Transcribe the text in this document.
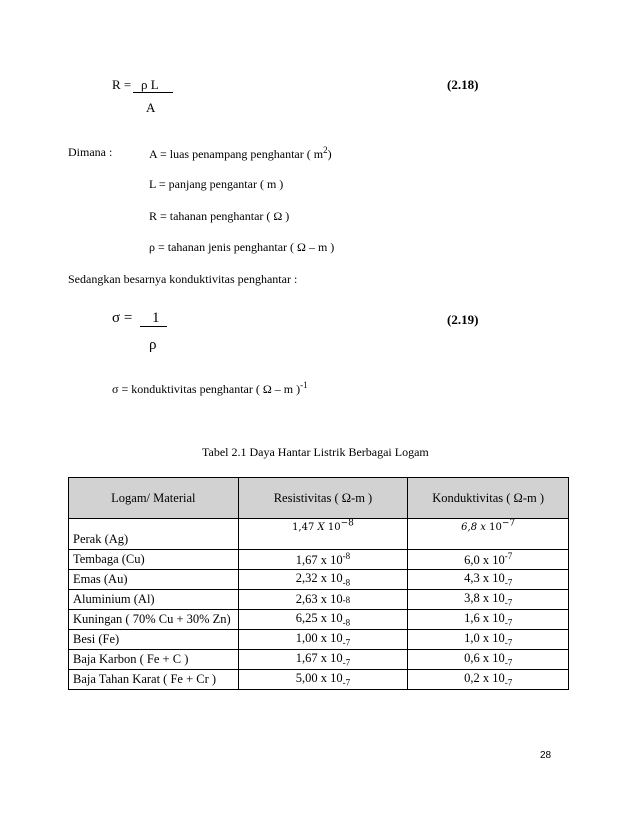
R = ρ L
A
(2.18)
Dimana :	A = luas penampang penghantar ( $m^2$)
L = panjang pengantar ( m )
R = tahanan penghantar ( Ω )
ρ = tahanan jenis penghantar ( Ω – m )
Sedangkan besarnya konduktivitas penghantar :
σ = 1
ρ
(2.19)
σ = konduktivitas penghantar ( Ω – m )$^{-1}$
Tabel 2.1 Daya Hantar Listrik Berbagai Logam
Logam/ Material	Resistivitas ( Ω-m )	Konduktivitas ( Ω-m )
Perak (Ag)	1,47 X $10^{-8}$	6,8 x $10^{-7}$
Tembaga (Cu)	1,67 x $10^{-8}$	6,0 x $10^{-7}$
Emas (Au)	2,32 x $10_{-8}$	4,3 x $10_{-7}$
Aluminium (Al)	2,63 x 10-8	3,8 x $10_{-7}$
Kuningan ( 70% Cu + 30% Zn)	6,25 x $10_{-8}$	1,6 x $10_{-7}$
Besi (Fe)	1,00 x $10_{-7}$	1,0 x $10_{-7}$
Baja Karbon ( Fe + C )	1,67 x $10_{-7}$	0,6 x $10_{-7}$
Baja Tahan Karat ( Fe + Cr )	5,00 x $10_{-7}$	0,2 x $10_{-7}$
28
